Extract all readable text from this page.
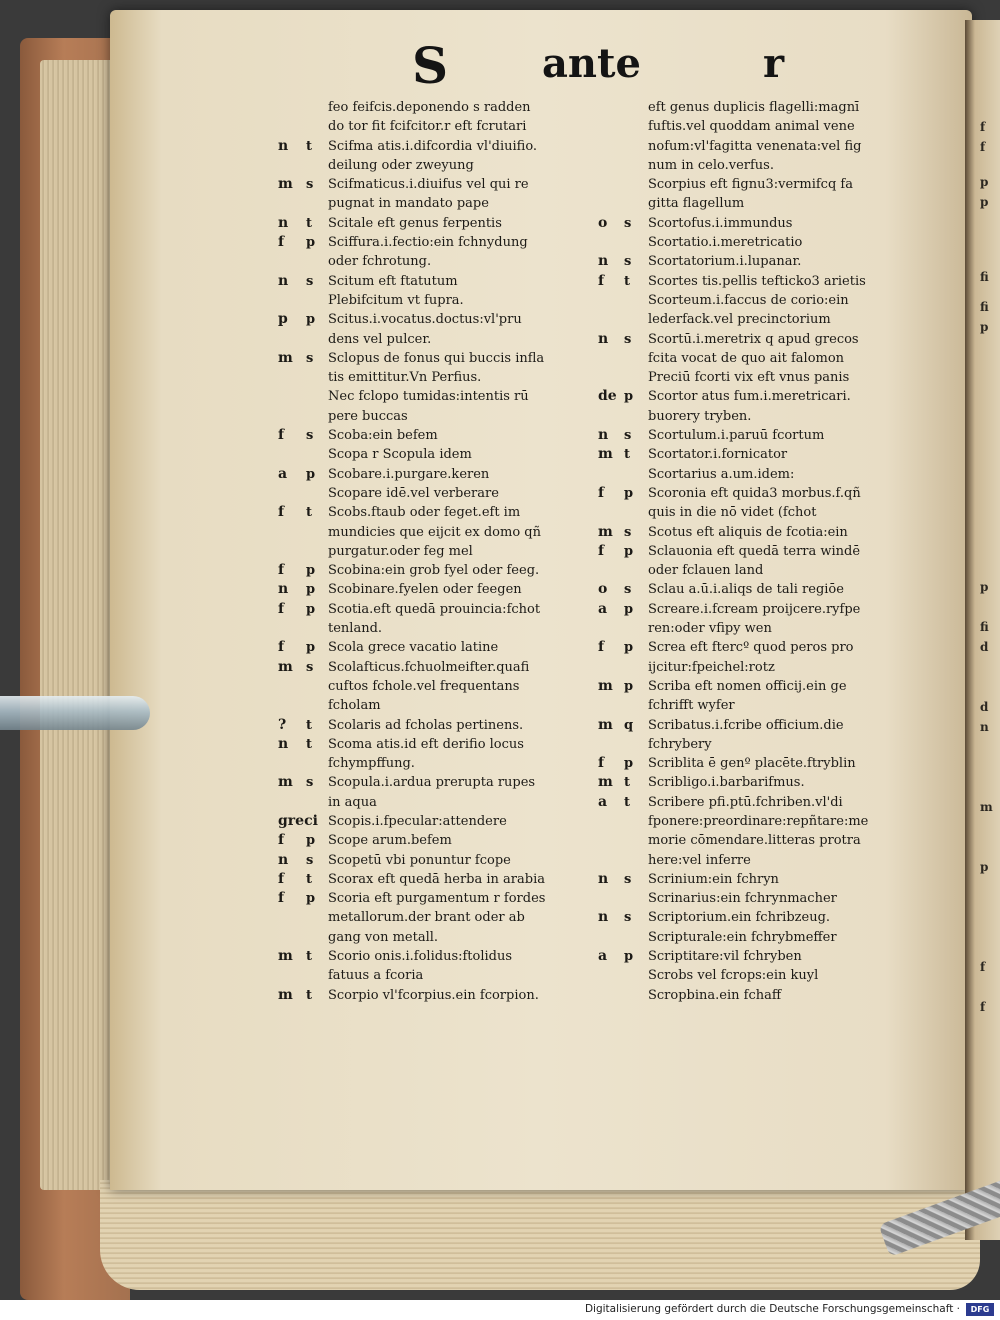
S ante	r
feo feifcis.deponendo s radden
do tor fit fcifcitor.r eft fcrutari
n	t	Scifma atis.i.difcordia vl'diuifio.
deilung oder zweyung
m	s	Scifmaticus.i.diuifus vel qui re
pugnat in mandato pape
n	t	Scitale eft genus ferpentis
f	p Sciffura.i.fectio:ein fchnydung
oder fchrotung.
n	s	Scitum eft ftatutum
Plebifcitum vt fupra.
p	p Scitus.i.vocatus.doctus:vl'pru
dens vel pulcer.
m	s	Sclopus de fonus qui buccis infla
tis emittitur.Vn Perfius.
Nec fclopo tumidas:intentis rū
pere buccas
f	s	Scoba:ein befem
Scopa r Scopula idem
a	p Scobare.i.purgare.keren
Scopare idē.vel verberare
f	t	Scobs.ftaub oder feget.eft im
mundicies que eijcit ex domo qñ
purgatur.oder feg mel
f	p Scobina:ein grob fyel oder feeg.
n	p Scobinare.fyelen oder feegen
f	p Scotia.eft quedā prouincia:fchot
tenland.
f	p Scola grece vacatio latine
m	s	Scolafticus.fchuolmeifter.quafi
cuftos fchole.vel frequentans
fcholam
?	t	Scolaris ad fcholas pertinens.
n	t	Scoma atis.id eft derifio locus
fchympffung.
m	s	Scopula.i.ardua prerupta rupes
in aqua
greci Scopis.i.fpecular:attendere
f	p Scope arum.befem
n	s	Scopetū vbi ponuntur fcope
f	t	Scorax eft quedā herba in arabia
f	p Scoria eft purgamentum r fordes
metallorum.der brant oder ab
gang von metall.
m	t	Scorio onis.i.folidus:ftolidus
fatuus a fcoria
m	t	Scorpio vl'fcorpius.ein fcorpion.
eft genus duplicis flagelli:magnī
fuftis.vel quoddam animal vene
nofum:vl'fagitta venenata:vel fig
num in celo.verfus.
Scorpius eft fignu3:vermifcq fa
gitta flagellum
o	s	Scortofus.i.immundus
Scortatio.i.meretricatio
n	s	Scortatorium.i.lupanar.
f	t	Scortes tis.pellis tefticko3 arietis
Scorteum.i.faccus de corio:ein
lederfack.vel precinctorium
n	s	Scortū.i.meretrix q apud grecos
fcita vocat de quo ait falomon
Preciū fcorti vix eft vnus panis
de p	Scortor atus fum.i.meretricari.
buorery tryben.
n	s	Scortulum.i.paruū fcortum
m t	Scortator.i.fornicator
Scortarius a.um.idem:
f	p	Scoronia eft quida3 morbus.f.qñ
quis in die nō videt (fchot
m s	Scotus eft aliquis de fcotia:ein
f	p	Sclauonia eft quedā terra windē
oder fclauen land
o	s	Sclau a.ū.i.aliqs de tali regiōe
a	p	Screare.i.fcream proijcere.ryfpe
ren:oder vfipy wen
f	p	Screa eft ftercº quod peros pro
ijcitur:fpeichel:rotz
m p	Scriba eft nomen officij.ein ge
fchrifft wyfer
m q	Scribatus.i.fcribe officium.die
fchrybery
f	p	Scriblita ē genº placēte.ftryblin
m t	Scribligo.i.barbarifmus.
a	t	Scribere pfi.ptū.fchriben.vl'di
fponere:preordinare:repñtare:me
morie cōmendare.litteras protra
here:vel inferre
n	s	Scrinium:ein fchryn
Scrinarius:ein fchrynmacher
n	s	Scriptorium.ein fchribzeug.
Scripturale:ein fchrybmeffer
a	p	Scriptitare:vil fchryben
Scrobs vel fcrops:ein kuyl
Scropbina.ein fchaff
f
f
p
p
fi
fi
p
p
fi
d
d
n
m
p
f
f
Digitalisierung gefördert durch die Deutsche Forschungsgemeinschaft ·	DFG
